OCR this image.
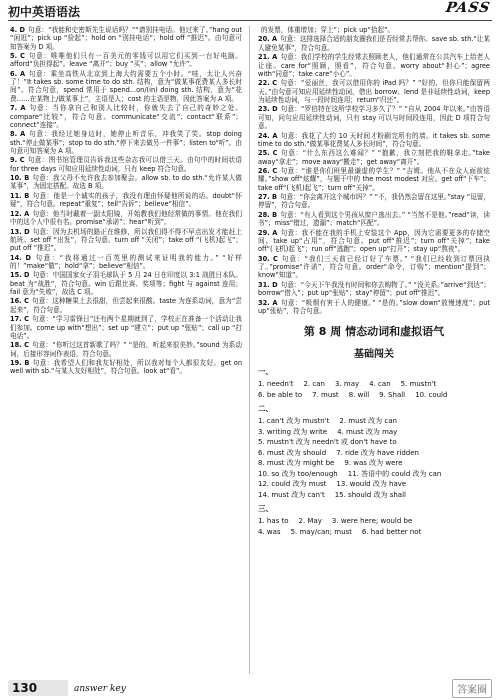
初中英语语法	PASS

4. D 句意：“我能和史密斯先生说话吗？”“请别挂电话。他过来了。”hang out “闲逛”；pick up “捡起”；hold on “别挂电话”；hold off “推迟”。由句意可知答案为 D 项。

5. C 句意：唯唯他们只有一百美元的零钱可以用它们买到一台好电脑。afford“负担得起”。leave “离开”；buy “买”；allow “允许”。

6. A 句意：乘坐高铁从北京到上海大约需要五个小时。“哇，太让人兴奋了！”It takes sb. some time to do sth. 结构，意为“做某事花费某人多长时间”。符合句意，spend 常用于 spend...on/(in) doing sth. 结构，意为“花费……在某物上/做某事上”，主语是人；cost 的主语是物，因此答案为 A 项。

7. A 句意：当你拿自己和别人比较时，你就失去了自己的奇妙之处。compare“比较”，符合句意。communicate“交流”；contact“联系”；connect“连接”。

8. A 句意：我经过她身边时，她停止听音乐，冲我笑了笑。stop doing sth.“停止做某事”；stop to do sth.“停下来去做另一件事”；listen to“听”。由句意可知答案为 A 项。

9. C 句意：图书馆管理员告诉我这些杂志我可以借三天。由句中的时间状语 for three days 可知应用延续性动词，只有 keep 符合句意。

10. B 句意：我父母不允许我去参加聚会。allow sb. to do sth.“允许某人做某事”，为固定搭配。故选 B 项。

11. B 句意：他是一个诚实的孩子，我没有理由怀疑他所说的话。doubt“怀疑”，符合句意。repeat“重复”；tell“告诉”；believe“相信”。

12. A 句意：他当时戴着一副太阳镜，开始教我们他经常做的事情。他在我们中的这个人中很有名。promise“承诺”；hear“听到”。

13. D 句意：因为去机场的路正在维修，所以我们得不得不早点出发才能赶上航班。set off “出发”，符合句意。turn off “关闭”；take off “(飞机)起飞”；put off “推迟”。

14. D 句意：“我将通过一百英里的测试来证明我的能力。” “好样的！”make“做”；hold“拿”；believe“相信”。

15. D 句意：中国国家女子羽毛球队于 5 月 24 日在印度以 3:1 战胜日本队。beat 为“战胜”，符合句意。win 后跟比赛、奖项等；fight 与 against 连用；fail 意为“失败”，故选 C 项。

16. C 句意：这种糖果上去很甜，但尝起来很酸。taste 为连系动词，意为“尝起来”，符合句意。

17. C 句意：“学习雷锋日”还有两个星期就到了，学校正在准备一个活动让我们参加。come up with“想出”；set up “建立”；put up “张贴”；call up “打电话”。

18. C 句意：“你听过这首新歌了吗？” “是的，听起来很美妙。”sound 为系动词，后接形容词作表语，符合句意。

19. B 句意：我希望人们和我友好相处，所以我对每个人都很友好。get on well with sb.“与某人友好相处”，符合句意。look at“看”。

的发票，体重增加；穿上”；pick up“拾起”。

20. A 句意：这排选择合适的朋友圈我们是否经常去帮你。save sb. sth.“让某人避免某事”，符合句意。

21. A 句意：我们学校的学生经常去照顾老人，他们通常在公共汽车上给老人让座。care for“照顾，照看”，符合句意。worry about“担心”；agree with“同意”；take care“小心”。

22. C 句意：“爱丽丝，我可以借用你的 iPad 吗？” “好的，但你只能保留两天。”由句意可知应用延续性动词，借出 borrow、lend 是非延续性动词，keep 为延续性动词，与一段时间连用；return“归还”。

23. D 句意：“罗伯特在这所学校学习多久了？” “自从 2004 年以来。”由答语可知，问句应用延续性动词，只有 stay 可以与时间段连用，因此 D 项符合句意。

24. A 句意：我花了大约 10 天时间才粉刷完所有的墙。it takes sb. some time to do sth.“做某事花费某人多长时间”，符合句意。

25. C 句意：“什么东西这么难闻？” “抱歉，我立刻把我的鞋拿走。”take away“拿走”；move away“搬走”；get away“离开”。

26. C 句意：“谁是你们班里最谦虚的学生？” “吉姆。他从不在众人面前炫耀。”show off“炫耀”，与题干中的 the most modest 对应。get off“下车”；take off“(飞机)起飞”；turn off“关掉”。

27. B 句意：“你会离开这个城市吗？” “不，我仍然会留在这里。”stay “逗留，停留”，符合句意。

28. B 句意：“有人看到这个男孩从窗户逃出去。” “当然不是他。”read“读，读书”；miss“错过，遗漏”；match“匹配”。

29. A 句意：我不能在我的手机上安装这个 App，因为它需要更多的存储空间。take up“占用”，符合句意。put off“推迟”；turn off“关掉”；take off“(飞机)起飞”；run off“逃跑”；open up“打开”；stay up“熬夜”。

30. C 句意：“我们三天前已经订好了车票。” “我们已经收到订票回执了。”promise“许诺”，符合句意。order“命令，订购”；mention“提到”；know“知道”。

31. D 句意：“今天下午我没有时间和你去购物了。” “没关系。”arrive“到达”；borrow“借入”；put up“张贴”；stay“停留”；put off“推迟”。

32. A 句意：“吸烟有害于人的健康。” “是的。”slow down“放慢速度”；put up“张贴”，符合句意。

第 8 周 情态动词和虚拟语气
基础闯关
一、
1. needn't 2. can 3. may 4. can 5. mustn't
6. be able to 7. must 8. will 9. Shall 10. could
二、
1. can't 改为 mustn't 2. must 改为 can
3. writing 改为 write 4. must 改为 may
5. mustn't 改为 needn't 或 don't have to
6. must 改为 should 7. ride 改为 have ridden
8. must 改为 might be 9. was 改为 were
10. so 改为 too/enough 11. 答语中的 could 改为 can
12. could 改为 must 13. would 改为 have
14. must 改为 can't 15. should 改为 shall
三、
1. has to 2. May 3. were here; would be
4. was 5. may/can; must 6. had better not
130	answer key	答案圈
